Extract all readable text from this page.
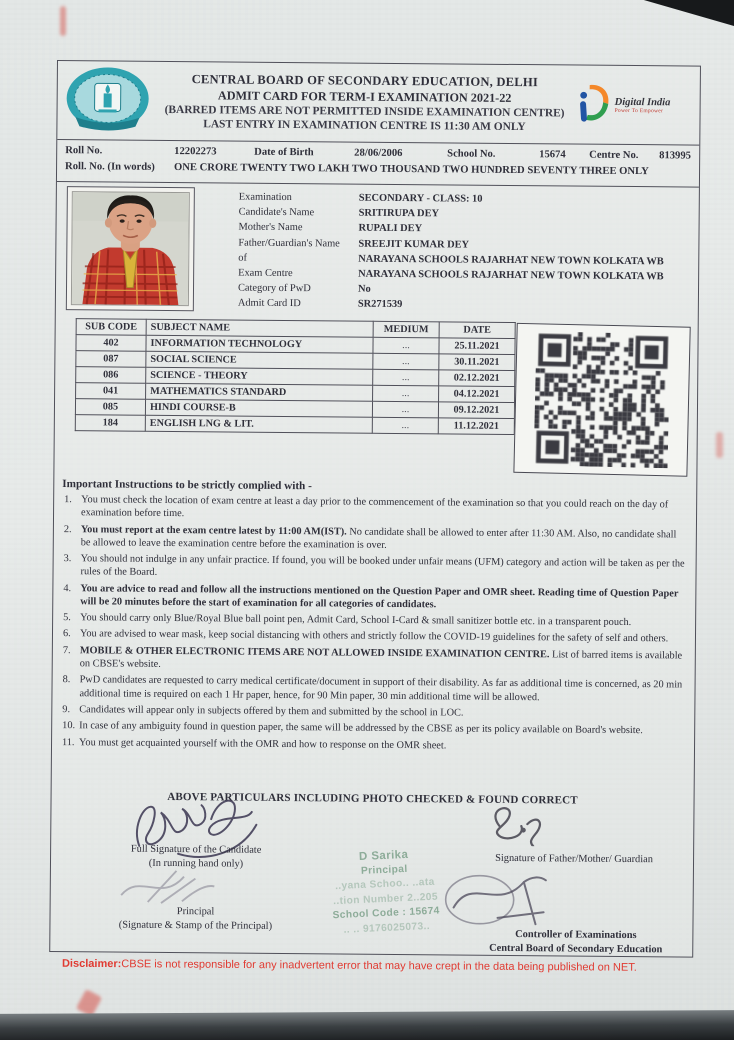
CENTRAL BOARD OF SECONDARY EDUCATION, DELHI
ADMIT CARD FOR TERM-I EXAMINATION 2021-22
(BARRED ITEMS ARE NOT PERMITTED INSIDE EXAMINATION CENTRE)
LAST ENTRY IN EXAMINATION CENTRE IS 11:30 AM ONLY
Digital India
Power To Empower
Roll No.	12202273	Date of Birth	28/06/2006	School No.	15674	Centre No.	813995
Roll. No. (In words)	ONE CRORE TWENTY TWO LAKH TWO THOUSAND TWO HUNDRED SEVENTY THREE ONLY
Examination	SECONDARY - CLASS: 10
Candidate's Name	SRITIRUPA DEY
Mother's Name	RUPALI DEY
Father/Guardian's Name	SREEJIT KUMAR DEY
of	NARAYANA SCHOOLS RAJARHAT NEW TOWN KOLKATA WB
Exam Centre	NARAYANA SCHOOLS RAJARHAT NEW TOWN KOLKATA WB
Category of PwD	No
Admit Card ID	SR271539
SUB CODE	SUBJECT NAME	MEDIUM	DATE
402	INFORMATION TECHNOLOGY	...	25.11.2021
087	SOCIAL SCIENCE	...	30.11.2021
086	SCIENCE - THEORY	...	02.12.2021
041	MATHEMATICS STANDARD	...	04.12.2021
085	HINDI COURSE-B	...	09.12.2021
184	ENGLISH LNG & LIT.	...	11.12.2021
Important Instructions to be strictly complied with -
1. You must check the location of exam centre at least a day prior to the commencement of the examination so that you could reach on the day of examination before time.
2. You must report at the exam centre latest by 11:00 AM(IST). No candidate shall be allowed to enter after 11:30 AM. Also, no candidate shall be allowed to leave the examination centre before the examination is over.
3. You should not indulge in any unfair practice. If found, you will be booked under unfair means (UFM) category and action will be taken as per the rules of the Board.
4. You are advice to read and follow all the instructions mentioned on the Question Paper and OMR sheet. Reading time of Question Paper will be 20 minutes before the start of examination for all categories of candidates.
5. You should carry only Blue/Royal Blue ball point pen, Admit Card, School I-Card & small sanitizer bottle etc. in a transparent pouch.
6. You are advised to wear mask, keep social distancing with others and strictly follow the COVID-19 guidelines for the safety of self and others.
7. MOBILE & OTHER ELECTRONIC ITEMS ARE NOT ALLOWED INSIDE EXAMINATION CENTRE. List of barred items is available on CBSE's website.
8. PwD candidates are requested to carry medical certificate/document in support of their disability. As far as additional time is concerned, as 20 min additional time is required on each 1 Hr paper, hence, for 90 Min paper, 30 min additional time will be allowed.
9. Candidates will appear only in subjects offered by them and submitted by the school in LOC.
10. In case of any ambiguity found in question paper, the same will be addressed by the CBSE as per its policy available on Board's website.
11. You must get acquainted yourself with the OMR and how to response on the OMR sheet.
ABOVE PARTICULARS INCLUDING PHOTO CHECKED & FOUND CORRECT
Full Signature of the Candidate
(In running hand only)
Principal
(Signature & Stamp of the Principal)
D Sarika
Principal
..yana Schoo.. ..ata
..tion Number 2..205
School Code : 15674
.. .. 9176025073..
Signature of Father/Mother/ Guardian
Controller of Examinations
Central Board of Secondary Education
Disclaimer:CBSE is not responsible for any inadvertent error that may have crept in the data being published on NET.
